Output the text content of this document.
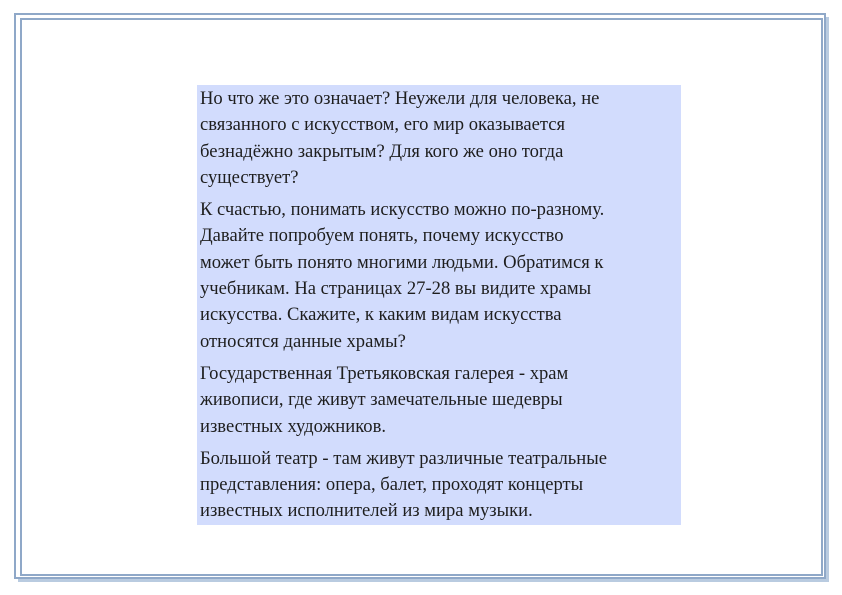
Но что же это означает? Неужели для человека, не
связанного с искусством, его мир оказывается
безнадёжно закрытым? Для кого же оно тогда
существует?

К счастью, понимать искусство можно по-разному.
Давайте попробуем понять, почему искусство
может быть понято многими людьми. Обратимся к
учебникам. На страницах 27-28 вы видите храмы
искусства. Скажите, к каким видам искусства
относятся данные храмы?

Государственная Третьяковская галерея - храм
живописи, где живут замечательные шедевры
известных художников.

Большой театр - там живут различные театральные
представления: опера, балет, проходят концерты
известных исполнителей из мира музыки.
